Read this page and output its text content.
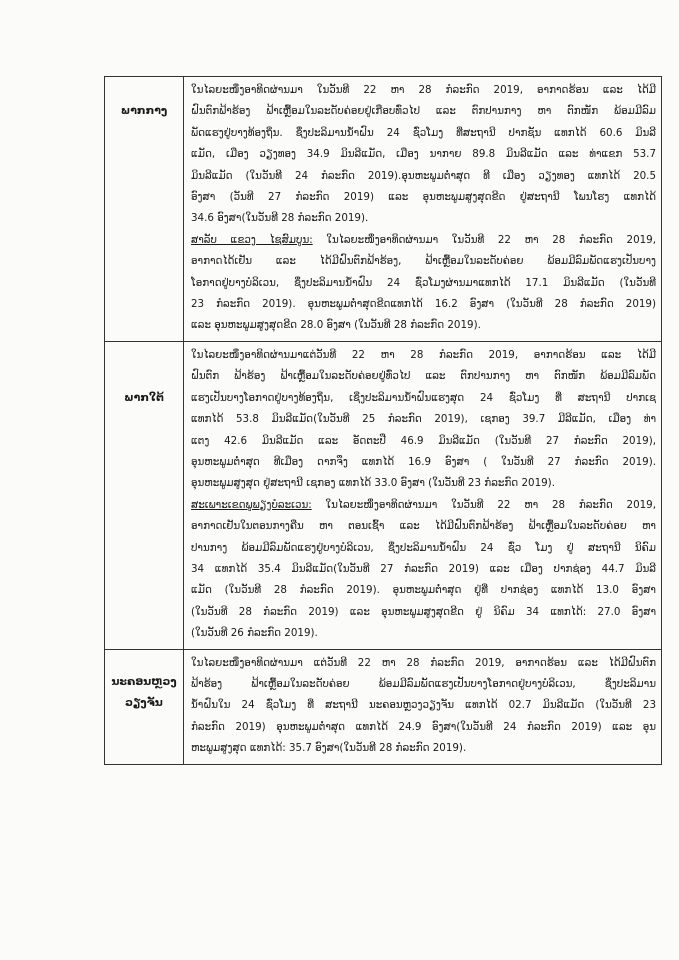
ພາກກາງ
ໃນໄລຍະໜຶ່ງອາທິດຜ່ານມາ ໃນວັນທີ 22 ຫາ 28 ກໍລະກົດ 2019, ອາກາດຮ້ອນ ແລະ ໄດ້ມີ
ຝົນຕົກຟ້າຮ້ອງ ຟ້າເຫຼື້ອມໃນລະດັບຄ່ອຍຢູ່ເກືອບທົ່ວໄປ ແລະ ຕົກປານກາງ ຫາ ຕົກໜັກ ພ້ອມມີລົມ
ພັດແຮງຢູ່ບາງທ້ອງຖິ່ນ. ຊຶ່ງປະລິມານນ້ຳຝົນ 24 ຊົ່ວໂມງ ທີ່ສະຖານີ ປາກຊັນ ແທກໄດ້ 60.6 ມິນລີ
ແມັດ, ເມືອງ ວຽງທອງ 34.9 ມິນລີແມັດ, ເມືອງ ນາກາຍ 89.8 ມິນລີແມັດ ແລະ ທ່າແຂກ 53.7
ມິນລີແມັດ (ໃນວັນທີ 24 ກໍລະກົດ 2019).ອຸນຫະພູມຕ່ຳສຸດ ທີ ເມືອງ ວຽງທອງ ແທກໄດ້ 20.5
ອົງສາ (ວັນທີ 27 ກໍລະກົດ 2019) ແລະ ອຸນຫະພູມສູງສຸດຂີດ ຢູ່ສະຖານີ ໂພນໂຮງ ແທກໄດ້
34.6 ອົງສາ(ໃນວັນທີ 28 ກໍລະກົດ 2019).
ສາລັບ ແຂວງ ໄຊສົມບູນ: ໃນໄລຍະໜຶ່ງອາທິດຜ່ານມາ ໃນວັນທີ 22 ຫາ 28 ກໍລະກົດ 2019,
ອາກາດໄດ້ເຢັນ ແລະ ໄດ້ມີຝົນຕົກຟ້າຮ້ອງ, ຟ້າເຫຼື້ອມໃນລະດັບຄ່ອຍ ພ້ອມມີລົມພັດແຮງເປັນບາງ
ໂອກາດຢູ່ບາງບໍລິເວນ, ຊຶ່ງປະລິມານນ້ຳຝົນ 24 ຊົ່ວໂມງຜ່ານມາແທກໄດ້ 17.1 ມິນລີແມັດ (ໃນວັນທີ
23 ກໍລະກົດ 2019). ອຸນຫະພູມຕ່ຳສຸດຂີດແທກໄດ້ 16.2 ອົງສາ (ໃນວັນທີ 28 ກໍລະກົດ 2019)
ແລະ ອຸນຫະພູມສູງສຸດຂີດ 28.0 ອົງສາ (ໃນວັນທີ 28 ກໍລະກົດ 2019).
ພາກໃຕ້
ໃນໄລຍະໜຶ່ງອາທິດຜ່ານມາແຕ່ວັນທີ 22 ຫາ 28 ກໍລະກົດ 2019, ອາກາດຮ້ອນ ແລະ ໄດ້ມີ
ຝົນຕົກ ຟ້າຮ້ອງ ຟ້າເຫຼື້ອມໃນລະດັບຄ່ອຍຢູ່ທົ່ວໄປ ແລະ ຕົກປານກາງ ຫາ ຕົກໜັກ ພ້ອມມີລົມພັດ
ແຮງເປັນບາງໂອກາດຢູ່ບາງທ້ອງຖິ່ນ, ເຊິ່ງປະລິມານນ້ຳຝົນແຮງສຸດ 24 ຊົ່ວໂມງ ທີ່ ສະຖານີ ປາກເຊ
ແທກໄດ້ 53.8 ມິນລີແມັດ(ໃນວັນທີ 25 ກໍລະກົດ 2019), ເຊກອງ 39.7 ມີລີແມັດ, ເມືອງ ທ່າ
ແຕງ 42.6 ມິນລີແມັດ ແລະ ອັດຕະປື 46.9 ມິນລີແມັດ (ໃນວັນທີ 27 ກໍລະກົດ 2019),
ອຸນຫະພູມຕ່ຳສຸດ ທີເມືອງ ດາກຈຶງ ແທກໄດ້ 16.9 ອົງສາ ( ໃນວັນທີ 27 ກໍລະກົດ 2019).
ອຸນຫະພູມສູງສຸດ ຢູ່ສະຖານີ ເຊກອງ ແທກໄດ້ 33.0 ອົງສາ (ໃນວັນທີ 23 ກໍລະກົດ 2019).
ສະເພາະເຂດພູພຽງບໍລະເວນ: ໃນໄລຍະໜຶ່ງອາທິດຜ່ານມາ ໃນວັນທີ 22 ຫາ 28 ກໍລະກົດ 2019,
ອາກາດເຢັນໃນຕອນກາງຄືນ ຫາ ຕອນເຊົ້າ ແລະ ໄດ້ມີຝົນຕົກຟ້າຮ້ອງ ຟ້າເຫຼື້ອມໃນລະດັບຄ່ອຍ ຫາ
ປານກາງ ພ້ອມມີລົມພັດແຮງຢູ່ບາງບໍລິເວນ, ຊຶ່ງປະລິມານນ້ຳຝົນ 24 ຊົ່ວ ໂມງ ຢູ່ ສະຖານີ ນິຄົມ
34 ແທກໄດ້ 35.4 ມິນລີແມັດ(ໃນວັນທີ 27 ກໍລະກົດ 2019) ແລະ ເມືອງ ປາກຊ່ອງ 44.7 ມິນລີ
ແມັດ (ໃນວັນທີ 28 ກໍລະກົດ 2019). ອຸນຫະພູມຕ່ຳສຸດ ຢູ່ທີ່ ປາກຊ່ອງ ແທກໄດ້ 13.0 ອົງສາ
(ໃນວັນທີ 28 ກໍລະກົດ 2019) ແລະ ອຸນຫະພູມສູງສຸດຂີດ ຢູ່ ນິຄົມ 34 ແທກໄດ້: 27.0 ອົງສາ
(ໃນວັນທີ 26 ກໍລະກົດ 2019).
ນະຄອນຫຼວງ
ວຽງຈັນ
ໃນໄລຍະໜຶ່ງອາທິດຜ່ານມາ ແຕ່ວັນທີ 22 ຫາ 28 ກໍລະກົດ 2019, ອາກາດຮ້ອນ ແລະ ໄດ້ມີຝົນຕົກ
ຟ້າຮ້ອງ ຟ້າເຫຼື້ອມໃນລະດັບຄ່ອຍ ພ້ອມມີລົມພັດແຮງເປັນບາງໂອກາດຢູ່ບາງບໍລິເວນ, ຊຶ່ງປະລິມານ
ນ້ຳຝົນໃນ 24 ຊົ່ວໂມງ ທີ່ ສະຖານີ ນະຄອນຫຼວງວຽງຈັນ ແທກໄດ້ 02.7 ມິນລີແມັດ (ໃນວັນທີ 23
ກໍລະກົດ 2019) ອຸນຫະພູມຕ່ຳສຸດ ແທກໄດ້ 24.9 ອົງສາ(ໃນວັນທີ 24 ກໍລະກົດ 2019) ແລະ ອຸນ
ຫະພູມສູງສຸດ ແທກໄດ້: 35.7 ອົງສາ(ໃນວັນທີ 28 ກໍລະກົດ 2019).
